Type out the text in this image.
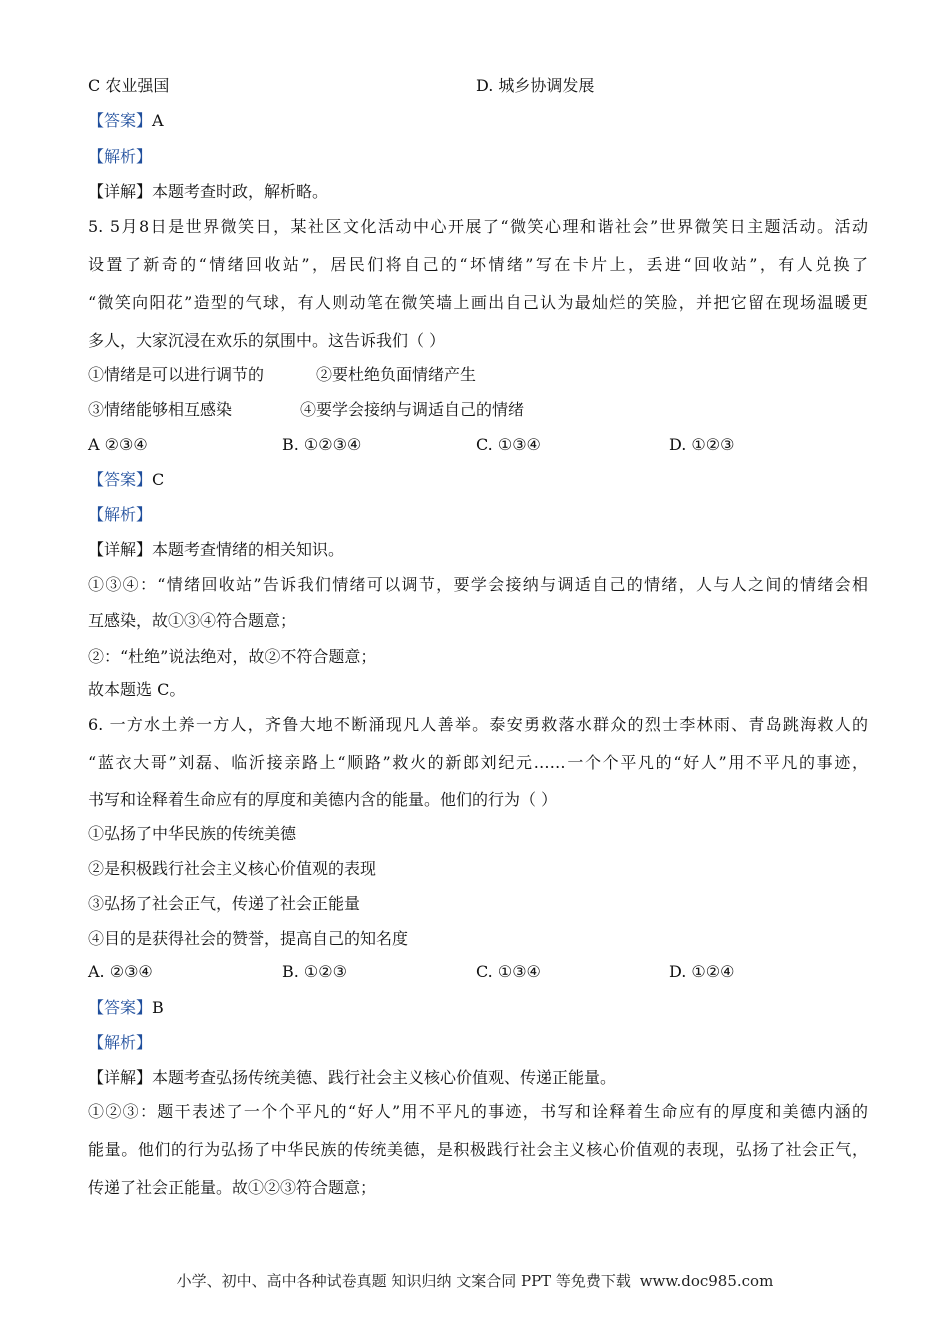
C 农业强国	D. 城乡协调发展
【答案】A
【解析】
【详解】本题考查时政，解析略。
5. 5月8日是世界微笑日，某社区文化活动中心开展了“微笑心理和谐社会”世界微笑日主题活动。活动
设置了新奇的“情绪回收站”，居民们将自己的“坏情绪”写在卡片上，丢进“回收站”，有人兑换了
“微笑向阳花”造型的气球，有人则动笔在微笑墙上画出自己认为最灿烂的笑脸，并把它留在现场温暖更
多人，大家沉浸在欢乐的氛围中。这告诉我们（ ）
①情绪是可以进行调节的	②要杜绝负面情绪产生
③情绪能够相互感染	④要学会接纳与调适自己的情绪
A ②③④	B. ①②③④	C. ①③④	D. ①②③
【答案】C
【解析】
【详解】本题考查情绪的相关知识。
①③④：“情绪回收站”告诉我们情绪可以调节，要学会接纳与调适自己的情绪，人与人之间的情绪会相
互感染，故①③④符合题意；
②：“杜绝”说法绝对，故②不符合题意；
故本题选 C。
6. 一方水土养一方人，齐鲁大地不断涌现凡人善举。泰安勇救落水群众的烈士李林雨、青岛跳海救人的
“蓝衣大哥”刘磊、临沂接亲路上“顺路”救火的新郎刘纪元……一个个平凡的“好人”用不平凡的事迹，
书写和诠释着生命应有的厚度和美德内含的能量。他们的行为（ ）
①弘扬了中华民族的传统美德
②是积极践行社会主义核心价值观的表现
③弘扬了社会正气，传递了社会正能量
④目的是获得社会的赞誉，提高自己的知名度
A. ②③④	B. ①②③	C. ①③④	D. ①②④
【答案】B
【解析】
【详解】本题考查弘扬传统美德、践行社会主义核心价值观、传递正能量。
①②③：题干表述了一个个平凡的“好人”用不平凡的事迹，书写和诠释着生命应有的厚度和美德内涵的
能量。他们的行为弘扬了中华民族的传统美德，是积极践行社会主义核心价值观的表现，弘扬了社会正气，
传递了社会正能量。故①②③符合题意；
小学、初中、高中各种试卷真题 知识归纳 文案合同 PPT 等免费下载 www.doc985.com
